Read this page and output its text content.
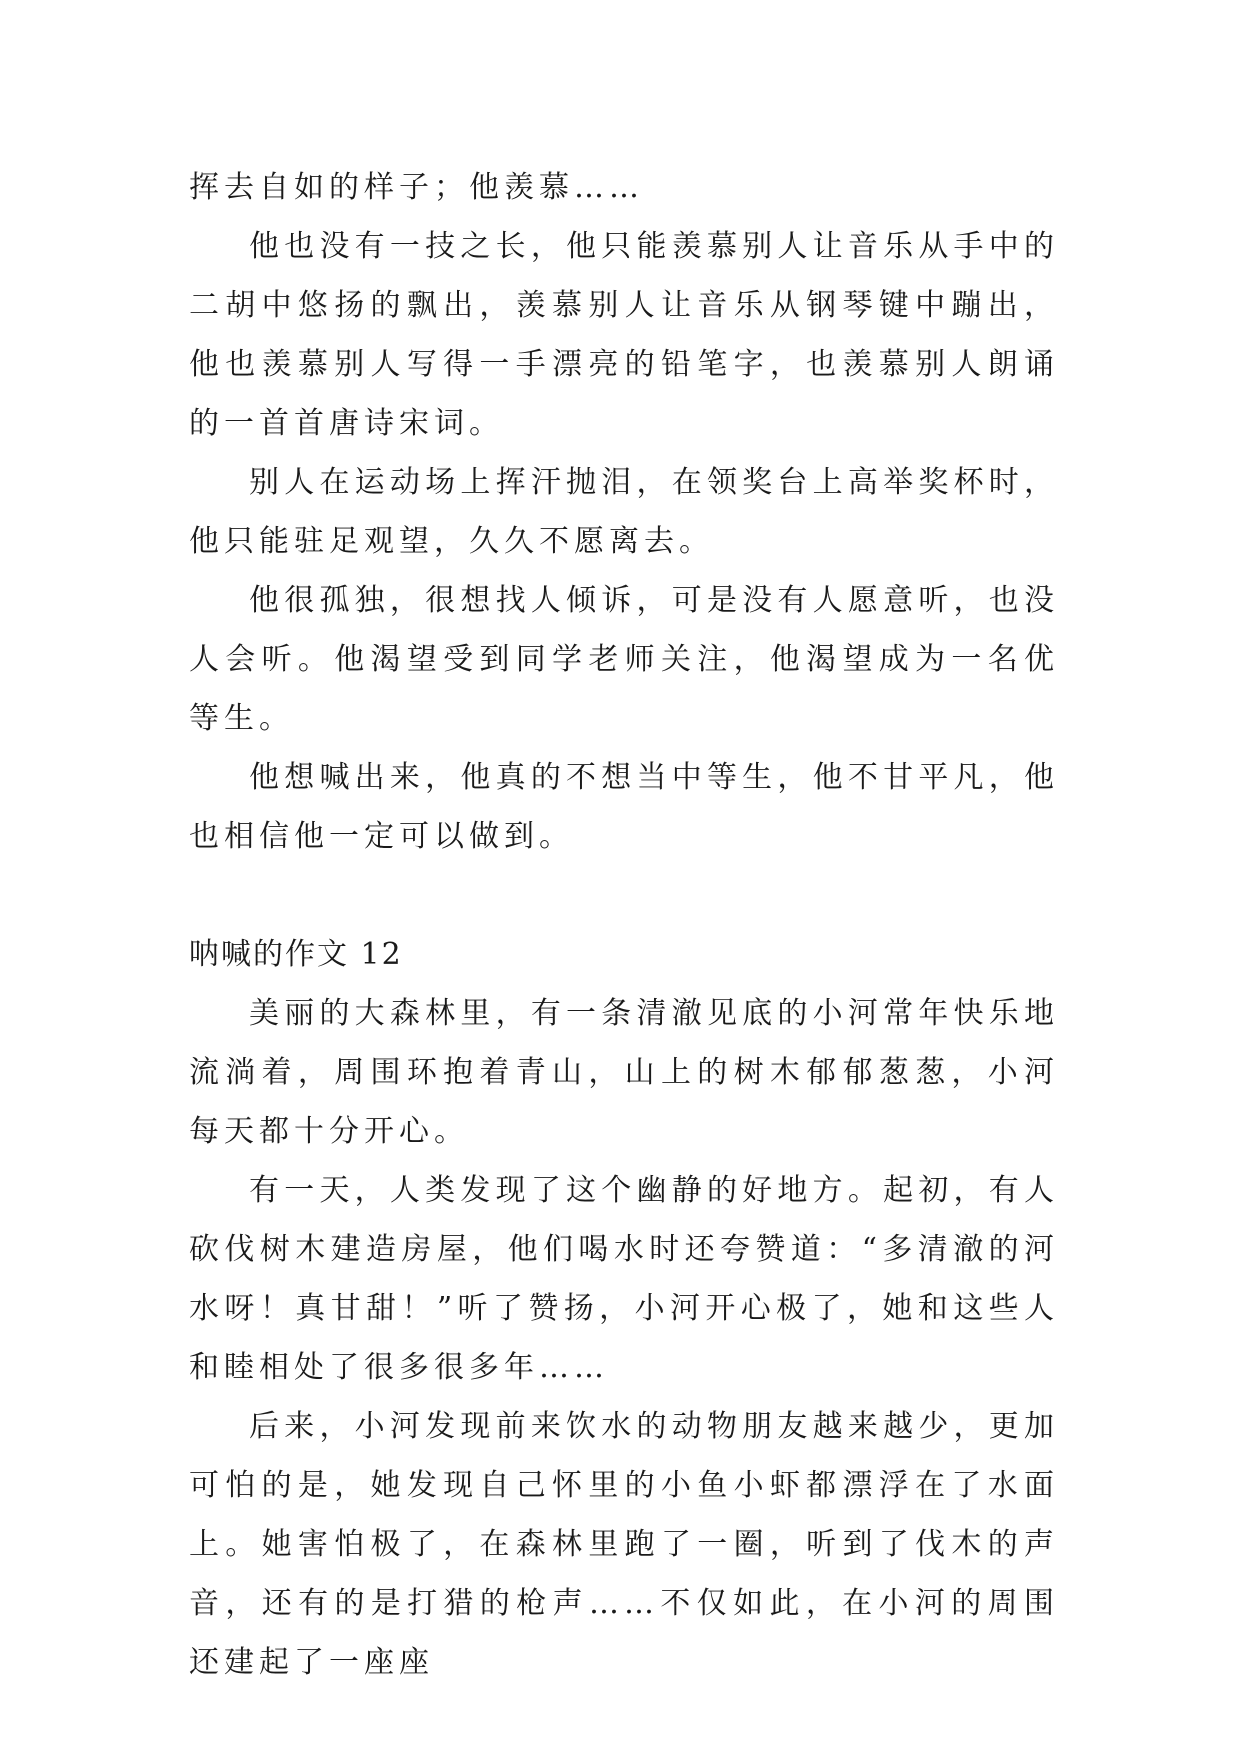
挥去自如的样子；他羡慕……

他也没有一技之长，他只能羡慕别人让音乐从手中的二胡中悠扬的飘出，羡慕别人让音乐从钢琴键中蹦出，他也羡慕别人写得一手漂亮的铅笔字，也羡慕别人朗诵的一首首唐诗宋词。

别人在运动场上挥汗抛泪，在领奖台上高举奖杯时，他只能驻足观望，久久不愿离去。

他很孤独，很想找人倾诉，可是没有人愿意听，也没人会听。他渴望受到同学老师关注，他渴望成为一名优等生。

他想喊出来，他真的不想当中等生，他不甘平凡，他也相信他一定可以做到。

呐喊的作文 12

美丽的大森林里，有一条清澈见底的小河常年快乐地流淌着，周围环抱着青山，山上的树木郁郁葱葱，小河每天都十分开心。

有一天，人类发现了这个幽静的好地方。起初，有人砍伐树木建造房屋，他们喝水时还夸赞道：“多清澈的河水呀！真甘甜！”听了赞扬，小河开心极了，她和这些人和睦相处了很多很多年……

后来，小河发现前来饮水的动物朋友越来越少，更加可怕的是，她发现自己怀里的小鱼小虾都漂浮在了水面上。她害怕极了，在森林里跑了一圈，听到了伐木的声音，还有的是打猎的枪声……不仅如此，在小河的周围还建起了一座座
